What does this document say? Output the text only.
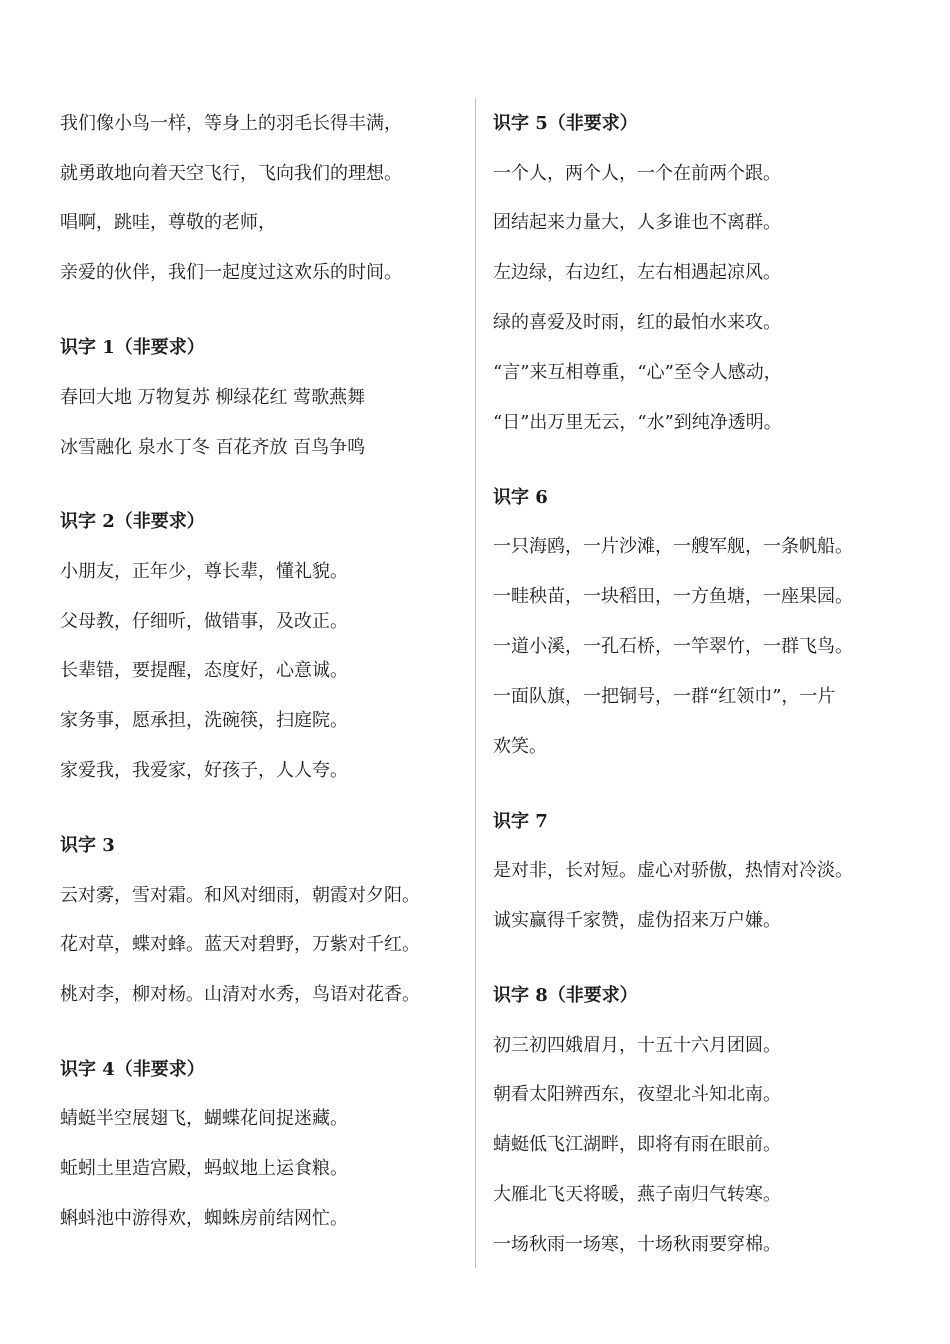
我们像小鸟一样，等身上的羽毛长得丰满，
就勇敢地向着天空飞行，飞向我们的理想。
唱啊，跳哇，尊敬的老师，
亲爱的伙伴，我们一起度过这欢乐的时间。
识字 1（非要求）
春回大地 万物复苏 柳绿花红 莺歌燕舞
冰雪融化 泉水丁冬 百花齐放 百鸟争鸣
识字 2（非要求）
小朋友，正年少，尊长辈，懂礼貌。
父母教，仔细听，做错事，及改正。
长辈错，要提醒，态度好，心意诚。
家务事，愿承担，洗碗筷，扫庭院。
家爱我，我爱家，好孩子，人人夸。
识字 3
云对雾，雪对霜。和风对细雨，朝霞对夕阳。
花对草，蝶对蜂。蓝天对碧野，万紫对千红。
桃对李，柳对杨。山清对水秀，鸟语对花香。
识字 4（非要求）
蜻蜓半空展翅飞，蝴蝶花间捉迷藏。
蚯蚓土里造宫殿，蚂蚁地上运食粮。
蝌蚪池中游得欢，蜘蛛房前结网忙。
识字 5（非要求）
一个人，两个人，一个在前两个跟。
团结起来力量大，人多谁也不离群。
左边绿，右边红，左右相遇起凉风。
绿的喜爱及时雨，红的最怕水来攻。
“言”来互相尊重，“心”至令人感动，
“日”出万里无云，“水”到纯净透明。
识字 6
一只海鸥，一片沙滩，一艘军舰，一条帆船。
一畦秧苗，一块稻田，一方鱼塘，一座果园。
一道小溪，一孔石桥，一竿翠竹，一群飞鸟。
一面队旗，一把铜号，一群“红领巾”，一片
欢笑。
识字 7
是对非，长对短。虚心对骄傲，热情对冷淡。
诚实赢得千家赞，虚伪招来万户嫌。
识字 8（非要求）
初三初四娥眉月，十五十六月团圆。
朝看太阳辨西东，夜望北斗知北南。
蜻蜓低飞江湖畔，即将有雨在眼前。
大雁北飞天将暖，燕子南归气转寒。
一场秋雨一场寒，十场秋雨要穿棉。
